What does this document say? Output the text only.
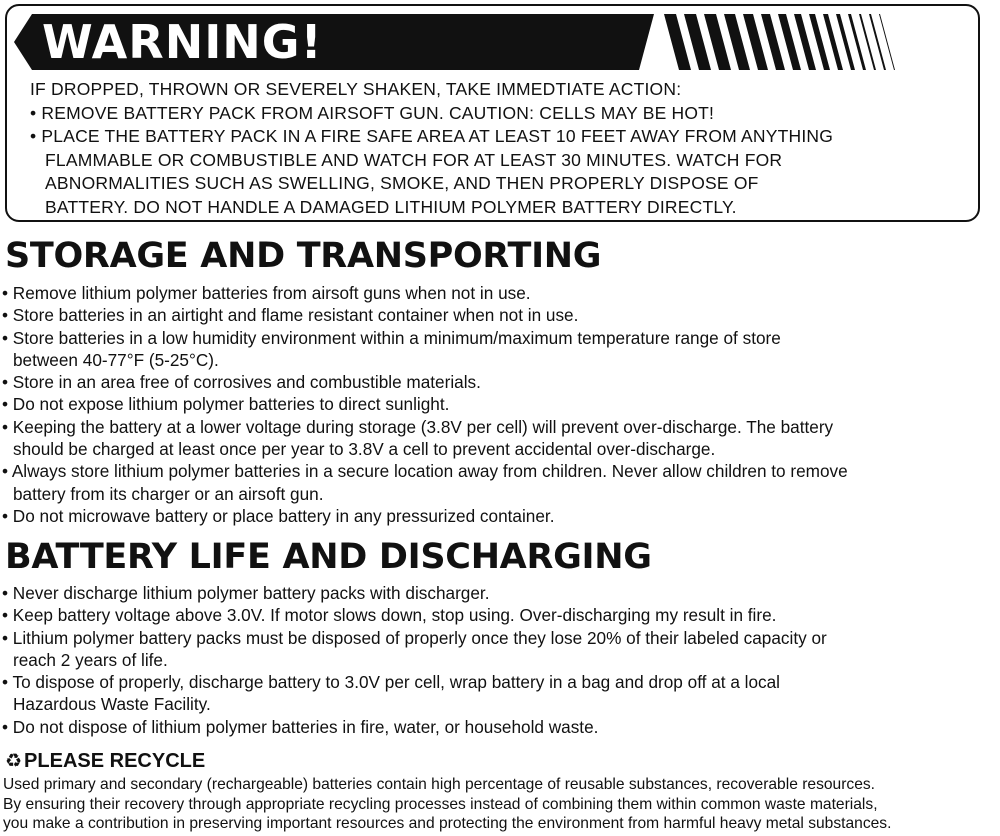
WARNING!
IF DROPPED, THROWN OR SEVERELY SHAKEN, TAKE IMMEDTIATE ACTION:
• REMOVE BATTERY PACK FROM AIRSOFT GUN. CAUTION: CELLS MAY BE HOT!
• PLACE THE BATTERY PACK IN A FIRE SAFE AREA AT LEAST 10 FEET AWAY FROM ANYTHING
FLAMMABLE OR COMBUSTIBLE AND WATCH FOR AT LEAST 30 MINUTES. WATCH FOR
ABNORMALITIES SUCH AS SWELLING, SMOKE, AND THEN PROPERLY DISPOSE OF
BATTERY. DO NOT HANDLE A DAMAGED LITHIUM POLYMER BATTERY DIRECTLY.
STORAGE AND TRANSPORTING
• Remove lithium polymer batteries from airsoft guns when not in use.
• Store batteries in an airtight and flame resistant container when not in use.
• Store batteries in a low humidity environment within a minimum/maximum temperature range of store
between 40-77°F (5-25°C).
• Store in an area free of corrosives and combustible materials.
• Do not expose lithium polymer batteries to direct sunlight.
• Keeping the battery at a lower voltage during storage (3.8V per cell) will prevent over-discharge. The battery
should be charged at least once per year to 3.8V a cell to prevent accidental over-discharge.
• Always store lithium polymer batteries in a secure location away from children. Never allow children to remove
battery from its charger or an airsoft gun.
• Do not microwave battery or place battery in any pressurized container.
BATTERY LIFE AND DISCHARGING
• Never discharge lithium polymer battery packs with discharger.
• Keep battery voltage above 3.0V. If motor slows down, stop using. Over-discharging my result in fire.
• Lithium polymer battery packs must be disposed of properly once they lose 20% of their labeled capacity or
reach 2 years of life.
• To dispose of properly, discharge battery to 3.0V per cell, wrap battery in a bag and drop off at a local
Hazardous Waste Facility.
• Do not dispose of lithium polymer batteries in fire, water, or household waste.
♻ PLEASE RECYCLE
Used primary and secondary (rechargeable) batteries contain high percentage of reusable substances, recoverable resources.
By ensuring their recovery through appropriate recycling processes instead of combining them within common waste materials,
you make a contribution in preserving important resources and protecting the environment from harmful heavy metal substances.
